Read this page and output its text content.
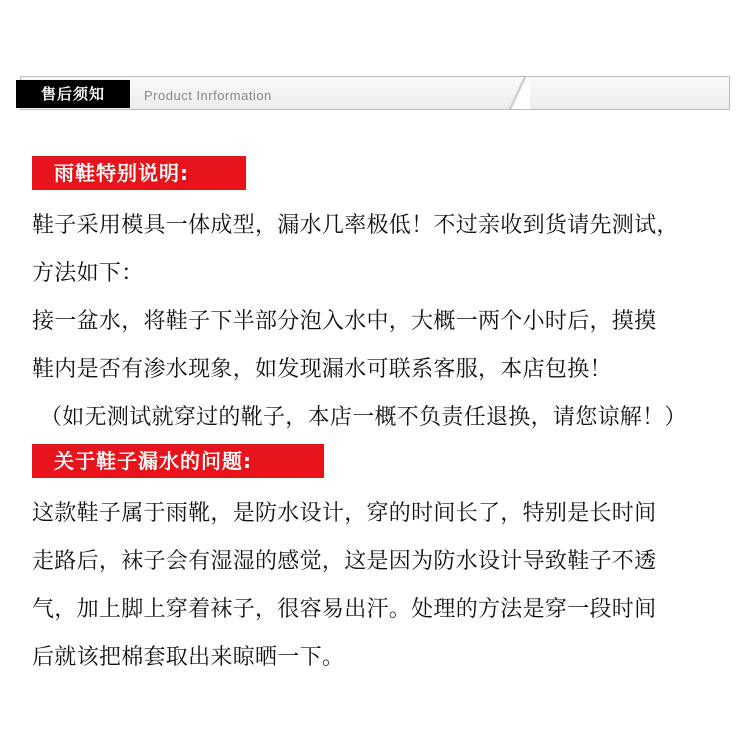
售后须知	Product Inrformation
雨鞋特别说明:
鞋子采用模具一体成型，漏水几率极低！不过亲收到货请先测试，
方法如下：
接一盆水，将鞋子下半部分泡入水中，大概一两个小时后，摸摸
鞋内是否有渗水现象，如发现漏水可联系客服，本店包换！
（如无测试就穿过的靴子，本店一概不负责任退换，请您谅解！）
关于鞋子漏水的问题:
这款鞋子属于雨靴，是防水设计，穿的时间长了，特别是长时间
走路后，袜子会有湿湿的感觉，这是因为防水设计导致鞋子不透
气，加上脚上穿着袜子，很容易出汗。处理的方法是穿一段时间
后就该把棉套取出来晾晒一下。
